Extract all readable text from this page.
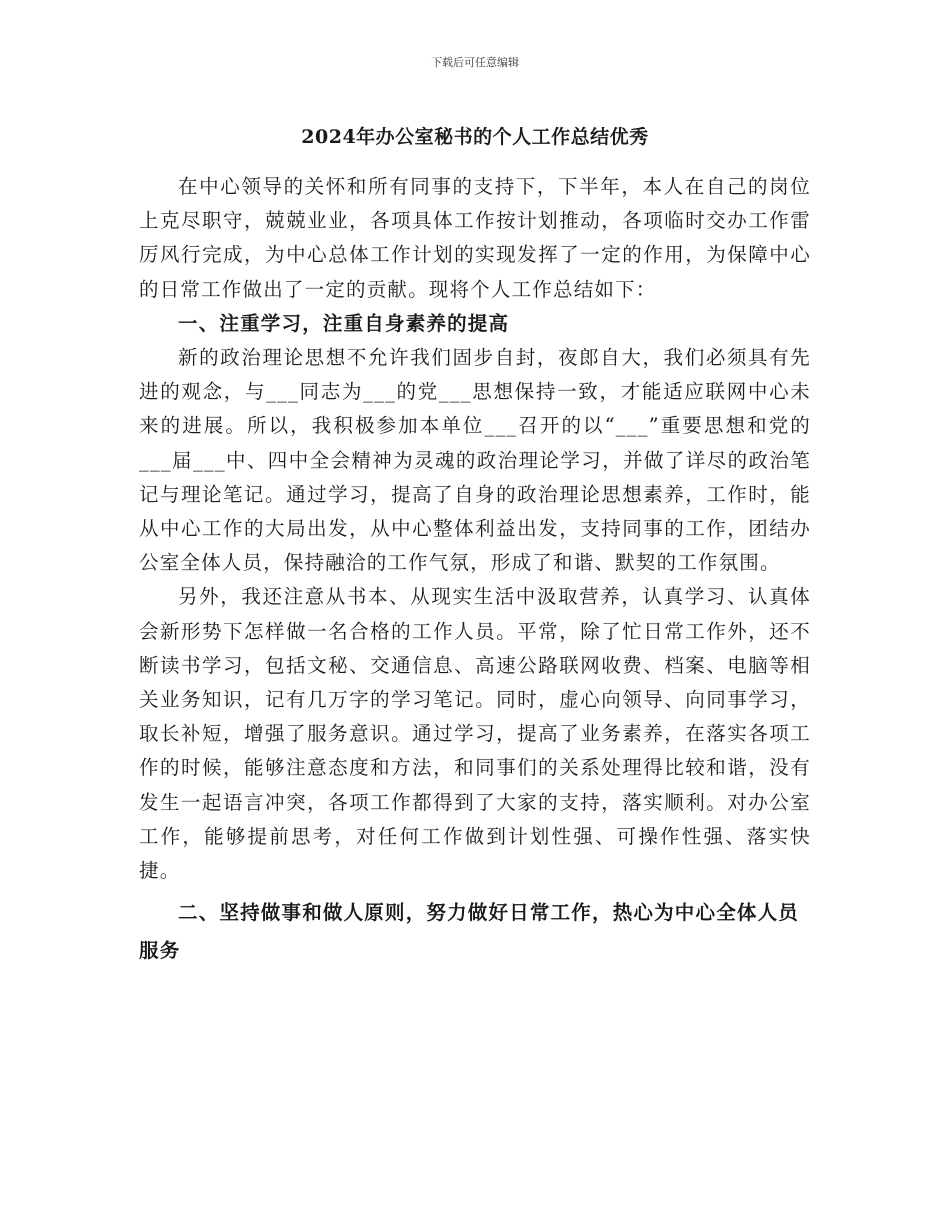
下载后可任意编辑
2024年办公室秘书的个人工作总结优秀

在中心领导的关怀和所有同事的支持下，下半年，本人在自己的岗位上克尽职守，兢兢业业，各项具体工作按计划推动，各项临时交办工作雷厉风行完成，为中心总体工作计划的实现发挥了一定的作用，为保障中心的日常工作做出了一定的贡献。现将个人工作总结如下：

一、注重学习，注重自身素养的提高

新的政治理论思想不允许我们固步自封，夜郎自大，我们必须具有先进的观念，与___同志为___的党___思想保持一致，才能适应联网中心未来的进展。所以，我积极参加本单位___召开的以“___”重要思想和党的___届___中、四中全会精神为灵魂的政治理论学习，并做了详尽的政治笔记与理论笔记。通过学习，提高了自身的政治理论思想素养，工作时，能从中心工作的大局出发，从中心整体利益出发，支持同事的工作，团结办公室全体人员，保持融洽的工作气氛，形成了和谐、默契的工作氛围。

另外，我还注意从书本、从现实生活中汲取营养，认真学习、认真体会新形势下怎样做一名合格的工作人员。平常，除了忙日常工作外，还不断读书学习，包括文秘、交通信息、高速公路联网收费、档案、电脑等相关业务知识，记有几万字的学习笔记。同时，虚心向领导、向同事学习，取长补短，增强了服务意识。通过学习，提高了业务素养，在落实各项工作的时候，能够注意态度和方法，和同事们的关系处理得比较和谐，没有发生一起语言冲突，各项工作都得到了大家的支持，落实顺利。对办公室工作，能够提前思考，对任何工作做到计划性强、可操作性强、落实快捷。

二、坚持做事和做人原则，努力做好日常工作，热心为中心全体人员服务
